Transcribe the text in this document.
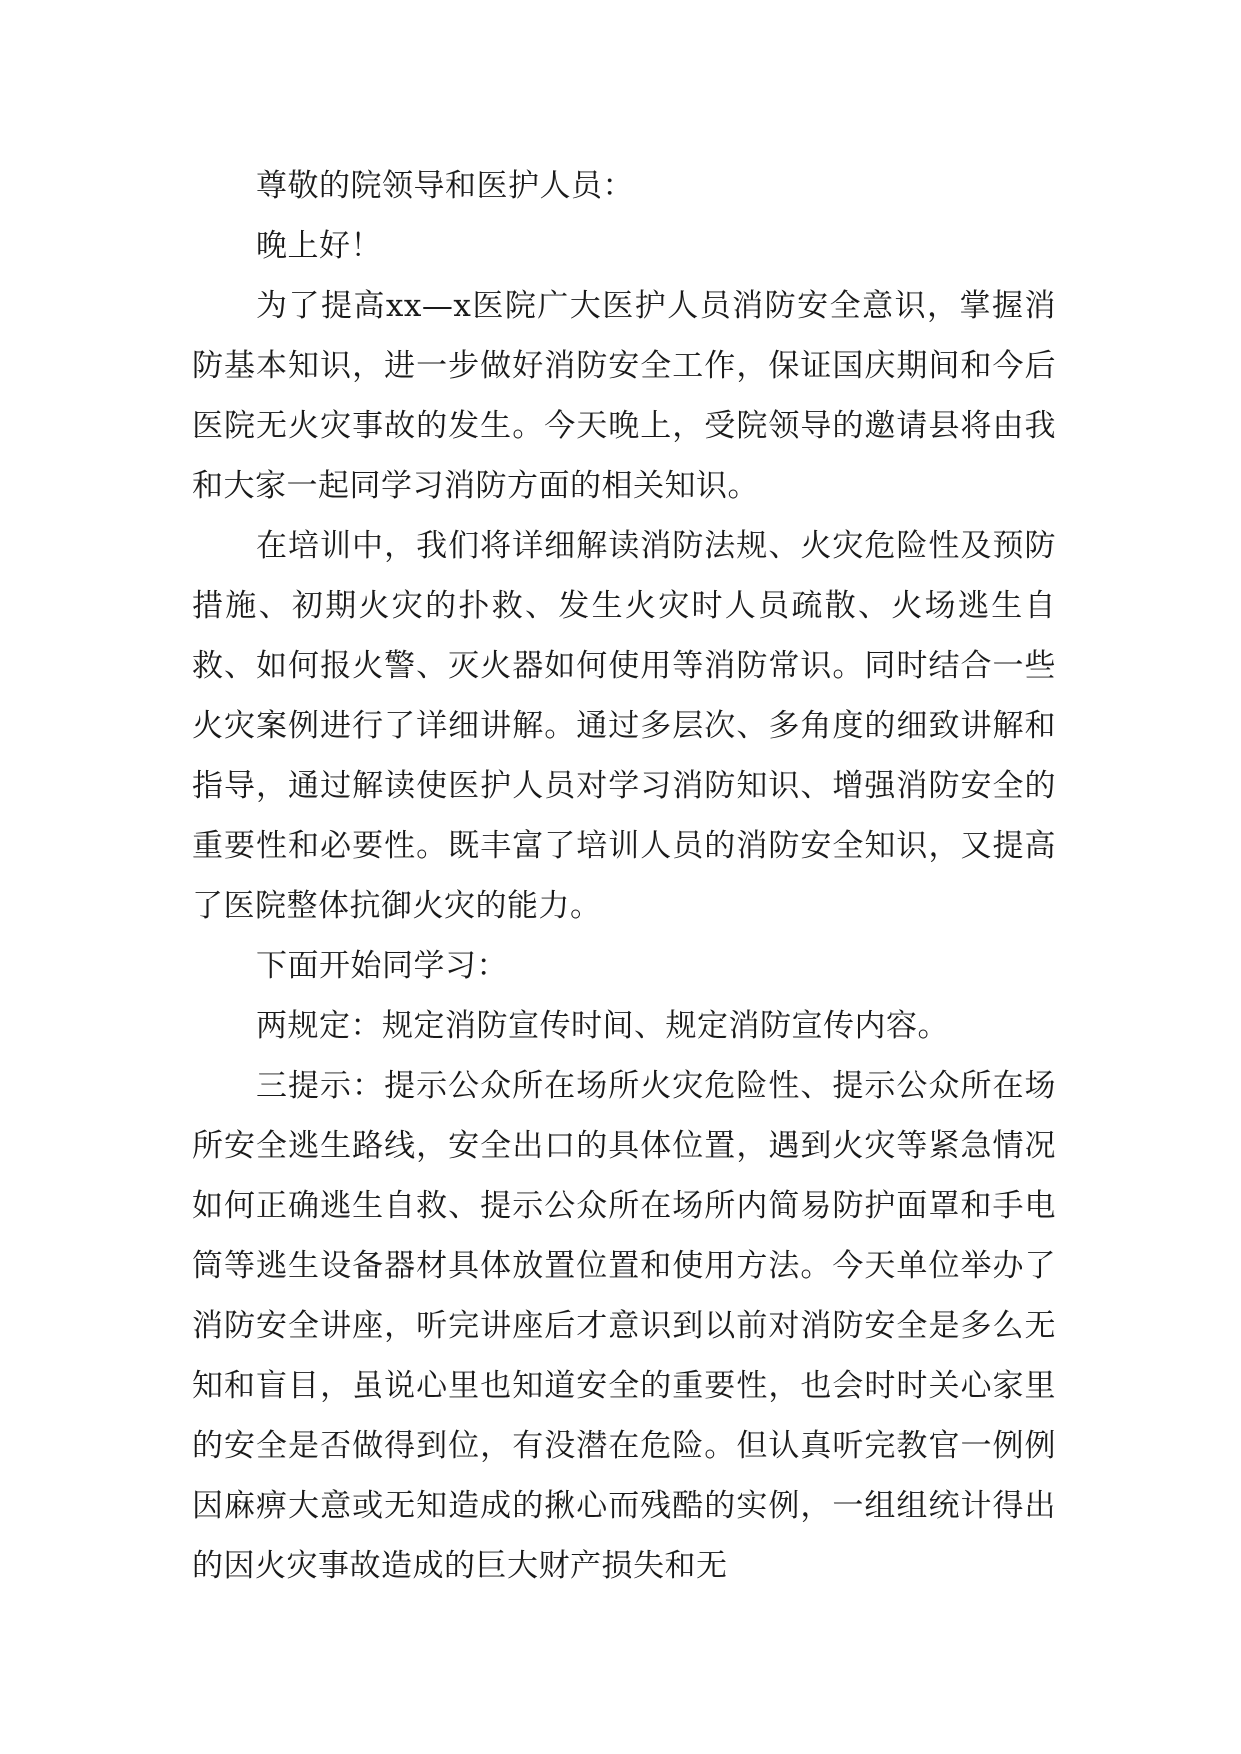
尊敬的院领导和医护人员：

晚上好！

为了提高xx—x医院广大医护人员消防安全意识，掌握消防基本知识，进一步做好消防安全工作，保证国庆期间和今后医院无火灾事故的发生。今天晚上，受院领导的邀请县将由我和大家一起同学习消防方面的相关知识。

在培训中，我们将详细解读消防法规、火灾危险性及预防措施、初期火灾的扑救、发生火灾时人员疏散、火场逃生自救、如何报火警、灭火器如何使用等消防常识。同时结合一些火灾案例进行了详细讲解。通过多层次、多角度的细致讲解和指导，通过解读使医护人员对学习消防知识、增强消防安全的重要性和必要性。既丰富了培训人员的消防安全知识，又提高了医院整体抗御火灾的能力。

下面开始同学习：

两规定：规定消防宣传时间、规定消防宣传内容。

三提示：提示公众所在场所火灾危险性、提示公众所在场所安全逃生路线，安全出口的具体位置，遇到火灾等紧急情况如何正确逃生自救、提示公众所在场所内简易防护面罩和手电筒等逃生设备器材具体放置位置和使用方法。今天单位举办了消防安全讲座，听完讲座后才意识到以前对消防安全是多么无知和盲目，虽说心里也知道安全的重要性，也会时时关心家里的安全是否做得到位，有没潜在危险。但认真听完教官一例例因麻痹大意或无知造成的揪心而残酷的实例，一组组统计得出的因火灾事故造成的巨大财产损失和无
